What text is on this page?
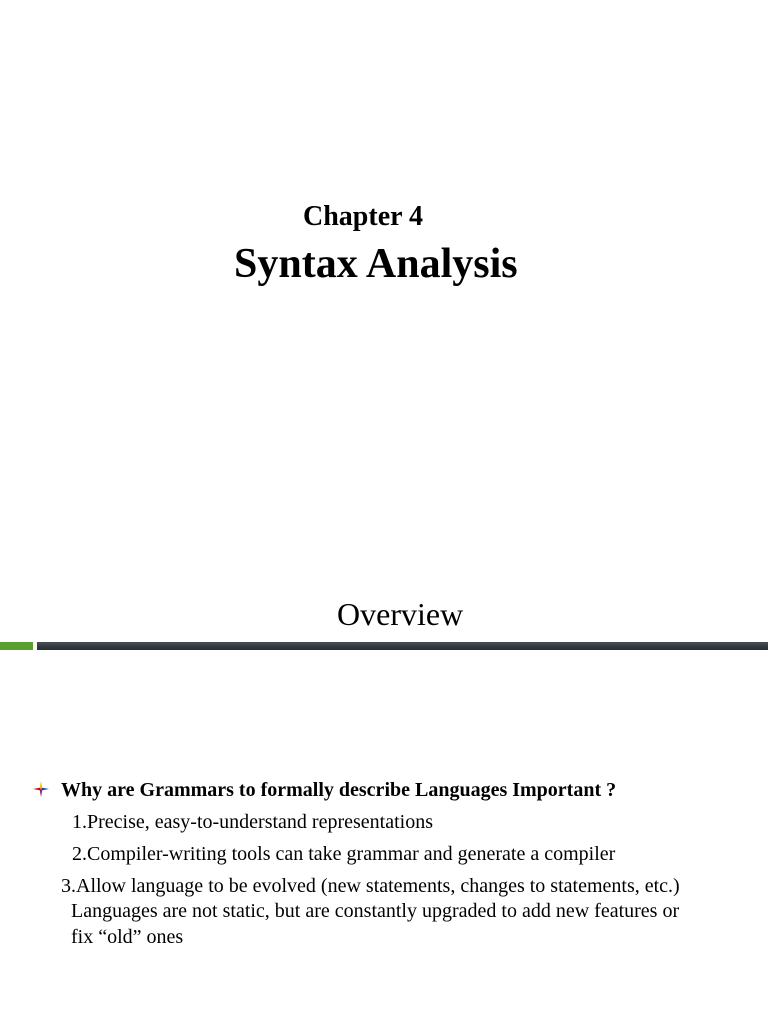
Chapter 4
Syntax Analysis
Overview
Why are Grammars to formally describe Languages Important ?
1.Precise, easy-to-understand representations
2.Compiler-writing tools can take grammar and generate a compiler
3.Allow language to be evolved (new statements, changes to statements, etc.)
Languages are not static, but are constantly upgraded to add new features or
fix “old” ones
